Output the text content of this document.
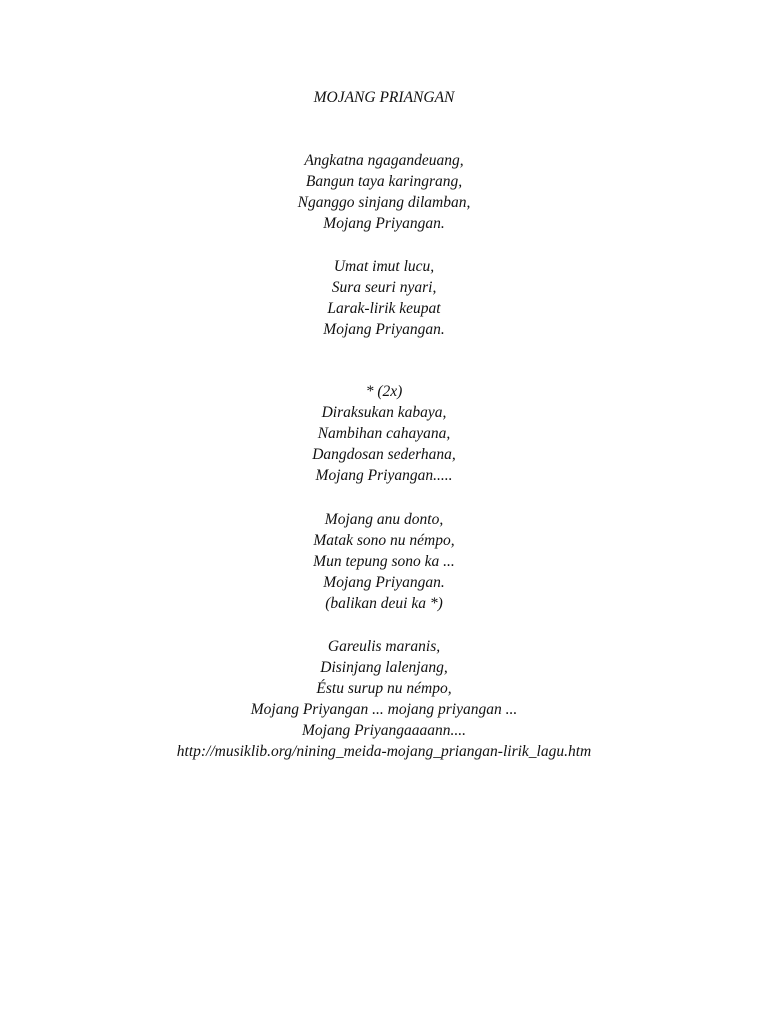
MOJANG PRIANGAN
Angkatna ngagandeuang,
Bangun taya karingrang,
Nganggo sinjang dilamban,
Mojang Priyangan.
Umat imut lucu,
Sura seuri nyari,
Larak-lirik keupat
Mojang Priyangan.
* (2x)
Diraksukan kabaya,
Nambihan cahayana,
Dangdosan sederhana,
Mojang Priyangan.....
Mojang anu donto,
Matak sono nu némpo,
Mun tepung sono ka ...
Mojang Priyangan.
(balikan deui ka *)
Gareulis maranis,
Disinjang lalenjang,
Éstu surup nu némpo,
Mojang Priyangan ... mojang priyangan ...
Mojang Priyangaaaann....
http://musiklib.org/nining_meida-mojang_priangan-lirik_lagu.htm
